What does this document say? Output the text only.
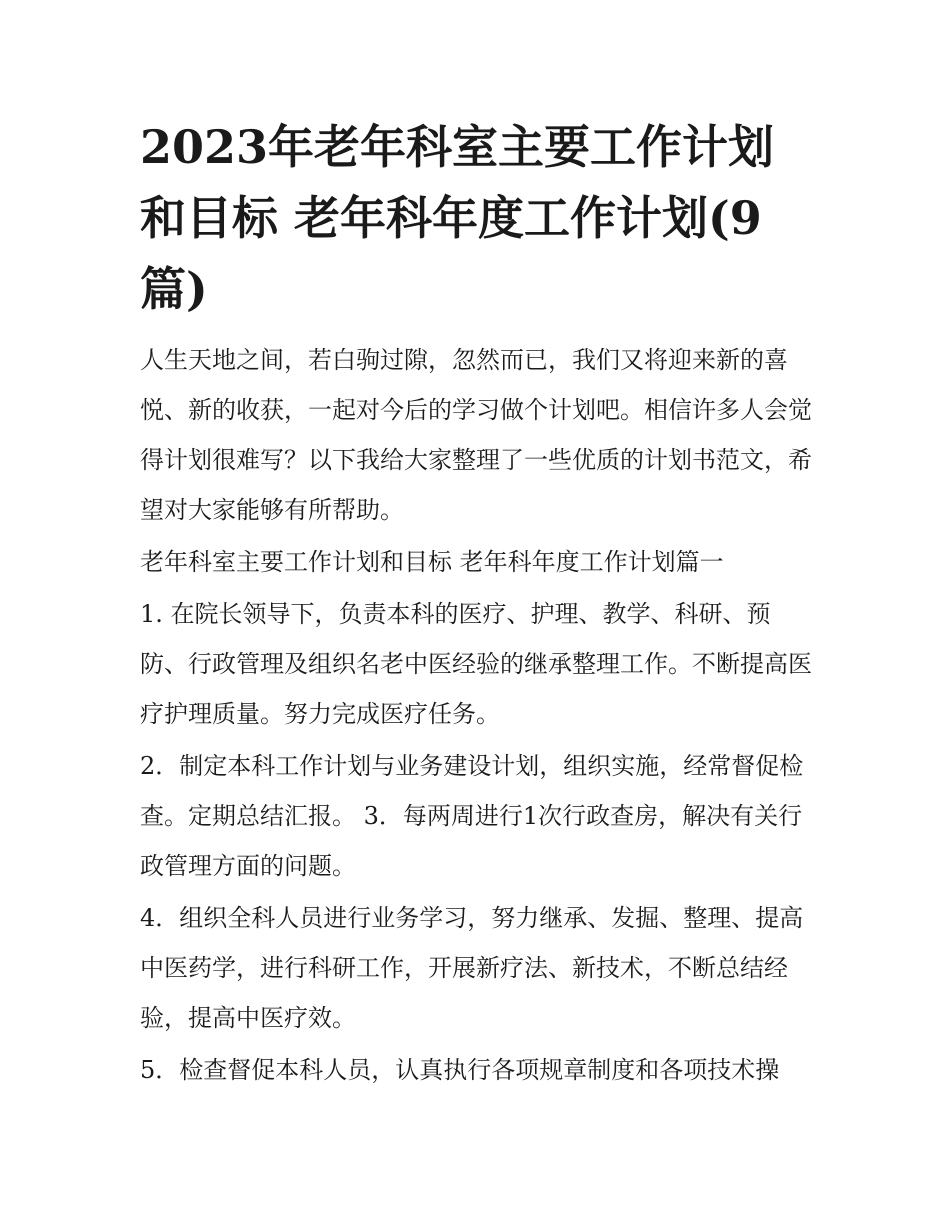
2023年老年科室主要工作计划和目标 老年科年度工作计划(9篇)

人生天地之间，若白驹过隙，忽然而已，我们又将迎来新的喜悦、新的收获，一起对今后的学习做个计划吧。相信许多人会觉得计划很难写？以下我给大家整理了一些优质的计划书范文，希望对大家能够有所帮助。

老年科室主要工作计划和目标 老年科年度工作计划篇一

1. 在院长领导下，负责本科的医疗、护理、教学、科研、预防、行政管理及组织名老中医经验的继承整理工作。不断提高医疗护理质量。努力完成医疗任务。

2．制定本科工作计划与业务建设计划，组织实施，经常督促检查。定期总结汇报。 3．每两周进行1次行政查房，解决有关行政管理方面的问题。

4．组织全科人员进行业务学习，努力继承、发掘、整理、提高中医药学，进行科研工作，开展新疗法、新技术，不断总结经验，提高中医疗效。

5．检查督促本科人员，认真执行各项规章制度和各项技术操
